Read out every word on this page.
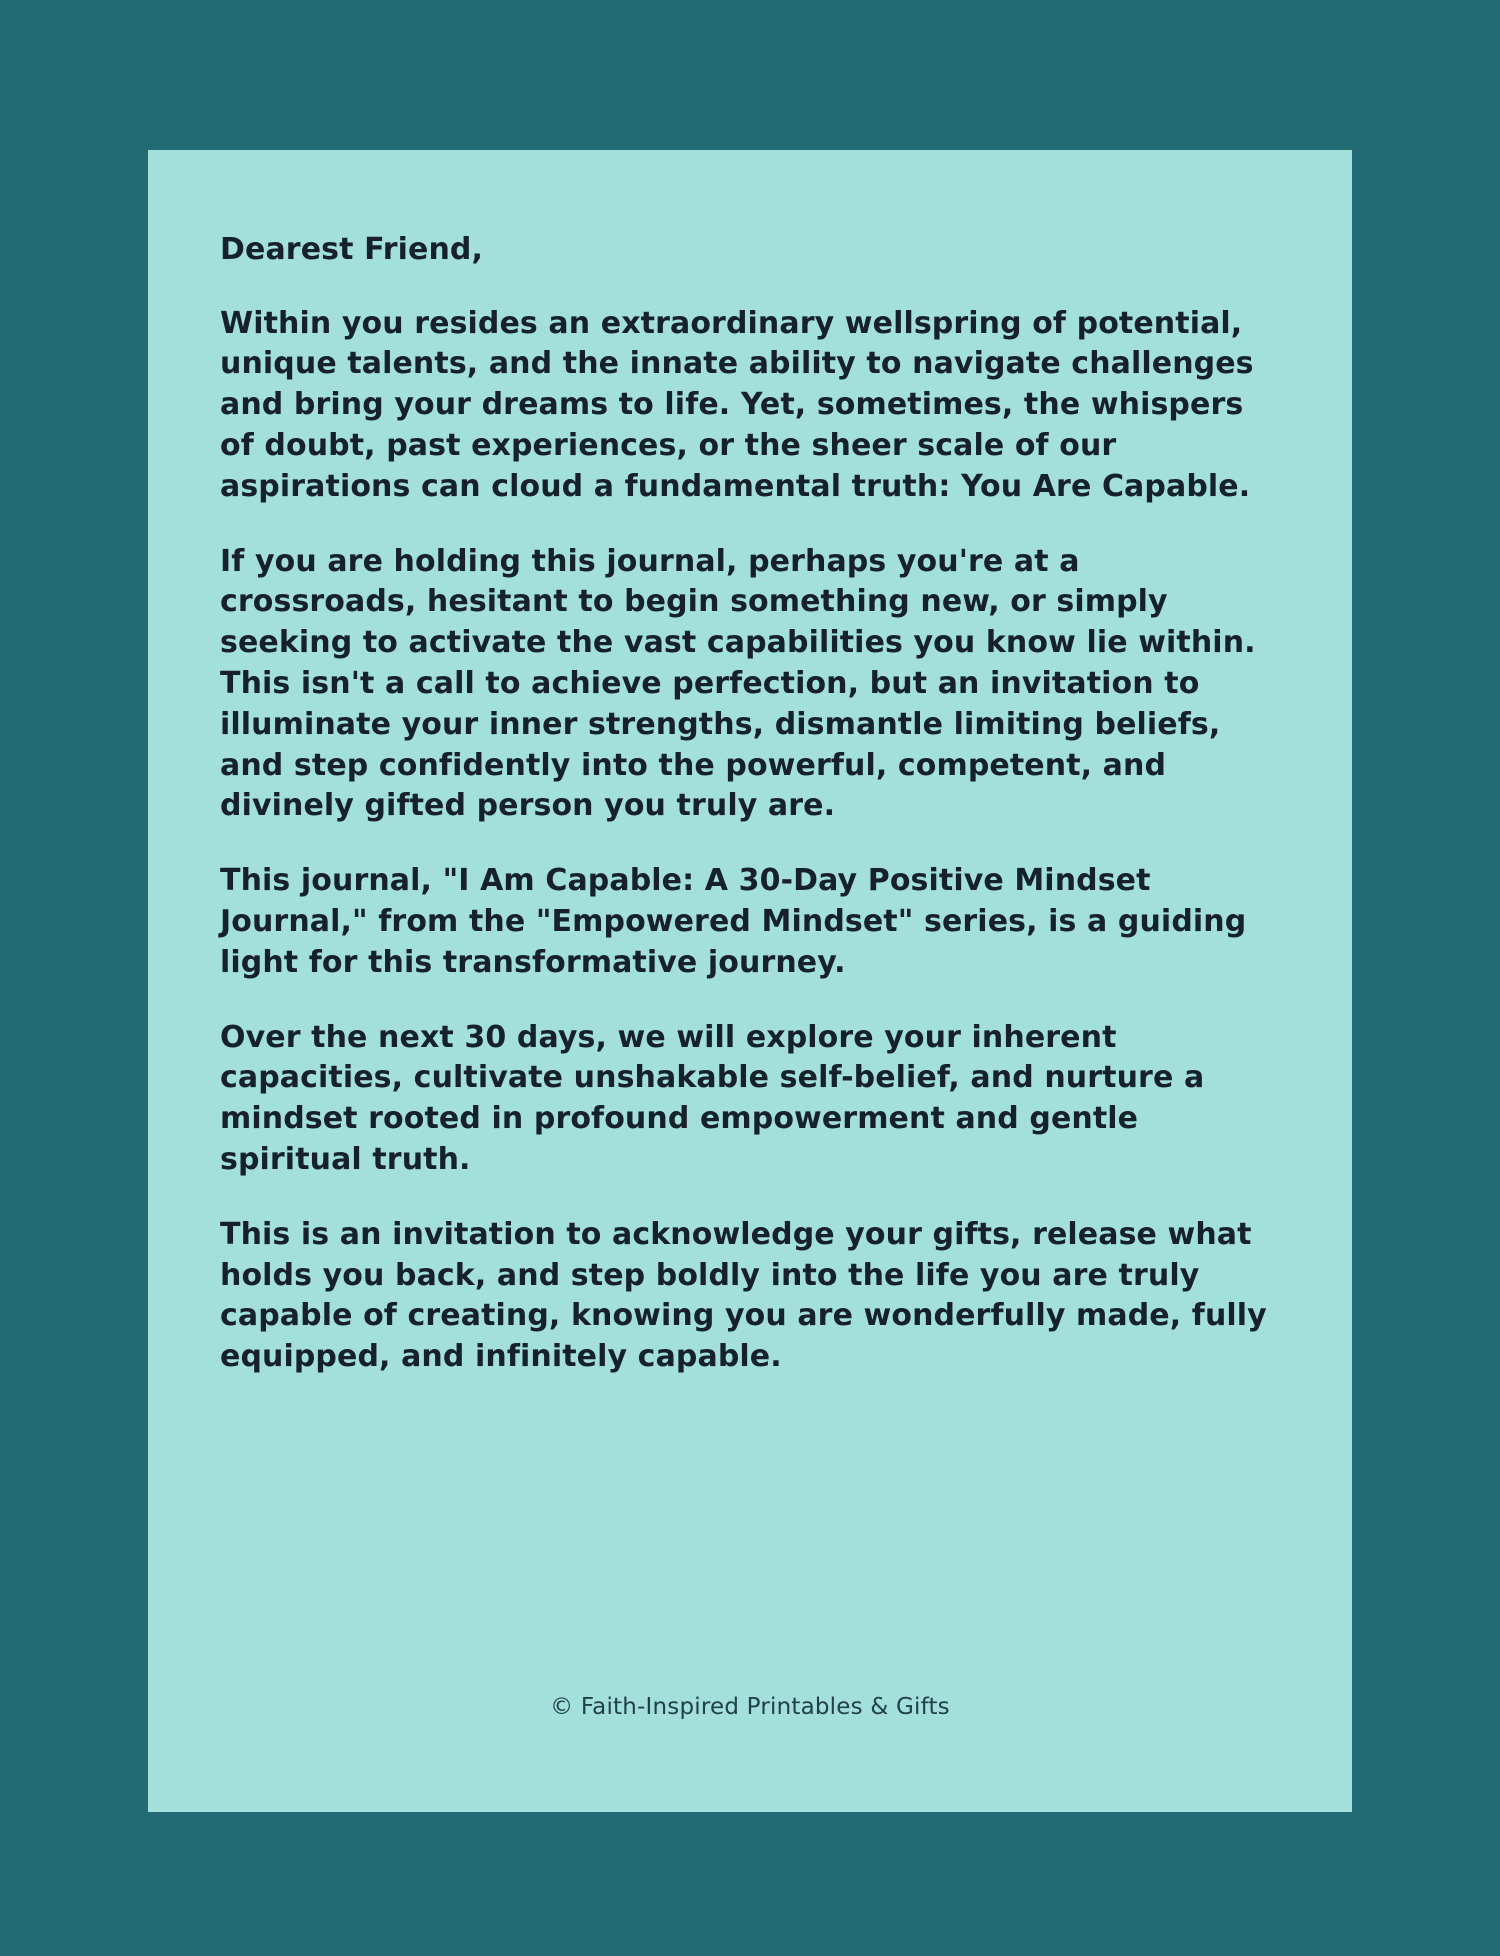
Dearest Friend,

Within you resides an extraordinary wellspring of potential, unique talents, and the innate ability to navigate challenges and bring your dreams to life. Yet, sometimes, the whispers of doubt, past experiences, or the sheer scale of our aspirations can cloud a fundamental truth: You Are Capable.

If you are holding this journal, perhaps you're at a crossroads, hesitant to begin something new, or simply seeking to activate the vast capabilities you know lie within. This isn't a call to achieve perfection, but an invitation to illuminate your inner strengths, dismantle limiting beliefs, and step confidently into the powerful, competent, and divinely gifted person you truly are.

This journal, "I Am Capable: A 30-Day Positive Mindset Journal," from the "Empowered Mindset" series, is a guiding light for this transformative journey.

Over the next 30 days, we will explore your inherent capacities, cultivate unshakable self-belief, and nurture a mindset rooted in profound empowerment and gentle spiritual truth.

This is an invitation to acknowledge your gifts, release what holds you back, and step boldly into the life you are truly capable of creating, knowing you are wonderfully made, fully equipped, and infinitely capable.

© Faith-Inspired Printables & Gifts
